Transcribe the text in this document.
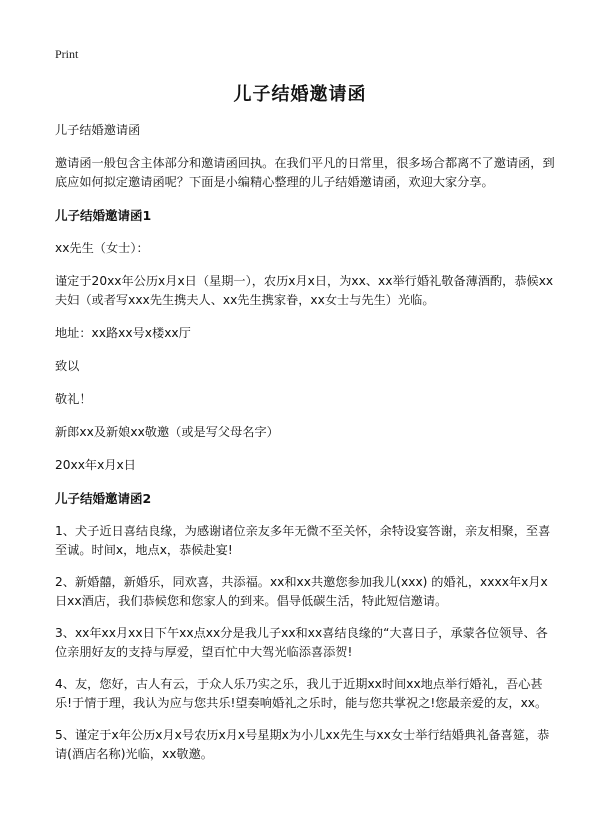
Print
儿子结婚邀请函

儿子结婚邀请函

邀请函一般包含主体部分和邀请函回执。在我们平凡的日常里，很多场合都离不了邀请函，到底应如何拟定邀请函呢？下面是小编精心整理的儿子结婚邀请函，欢迎大家分享。

儿子结婚邀请函1

xx先生（女士）：

谨定于20xx年公历x月x日（星期一），农历x月x日，为xx、xx举行婚礼敬备薄酒酌，恭候xx夫妇（或者写xxx先生携夫人、xx先生携家眷，xx女士与先生）光临。

地址：xx路xx号x楼xx厅

致以

敬礼！

新郎xx及新娘xx敬邀（或是写父母名字）

20xx年x月x日

儿子结婚邀请函2

1、犬子近日喜结良缘，为感谢诸位亲友多年无微不至关怀，余特设宴答谢，亲友相聚，至喜至诚。时间x，地点x，恭候赴宴!

2、新婚囍，新婚乐，同欢喜，共添福。xx和xx共邀您参加我儿(xxx) 的婚礼，xxxx年x月x日xx酒店，我们恭候您和您家人的到来。倡导低碳生活，特此短信邀请。

3、xx年xx月xx日下午xx点xx分是我儿子xx和xx喜结良缘的“大喜日子，承蒙各位领导、各位亲朋好友的支持与厚爱，望百忙中大驾光临添喜添贺!

4、友，您好，古人有云，于众人乐乃实之乐，我儿于近期xx时间xx地点举行婚礼，吾心甚乐!于情于理，我认为应与您共乐!望奏响婚礼之乐时，能与您共掌祝之!您最亲爱的友，xx。

5、谨定于x年公历x月x号农历x月x号星期x为小儿xx先生与xx女士举行结婚典礼备喜筵，恭请(酒店名称)光临，xx敬邀。
